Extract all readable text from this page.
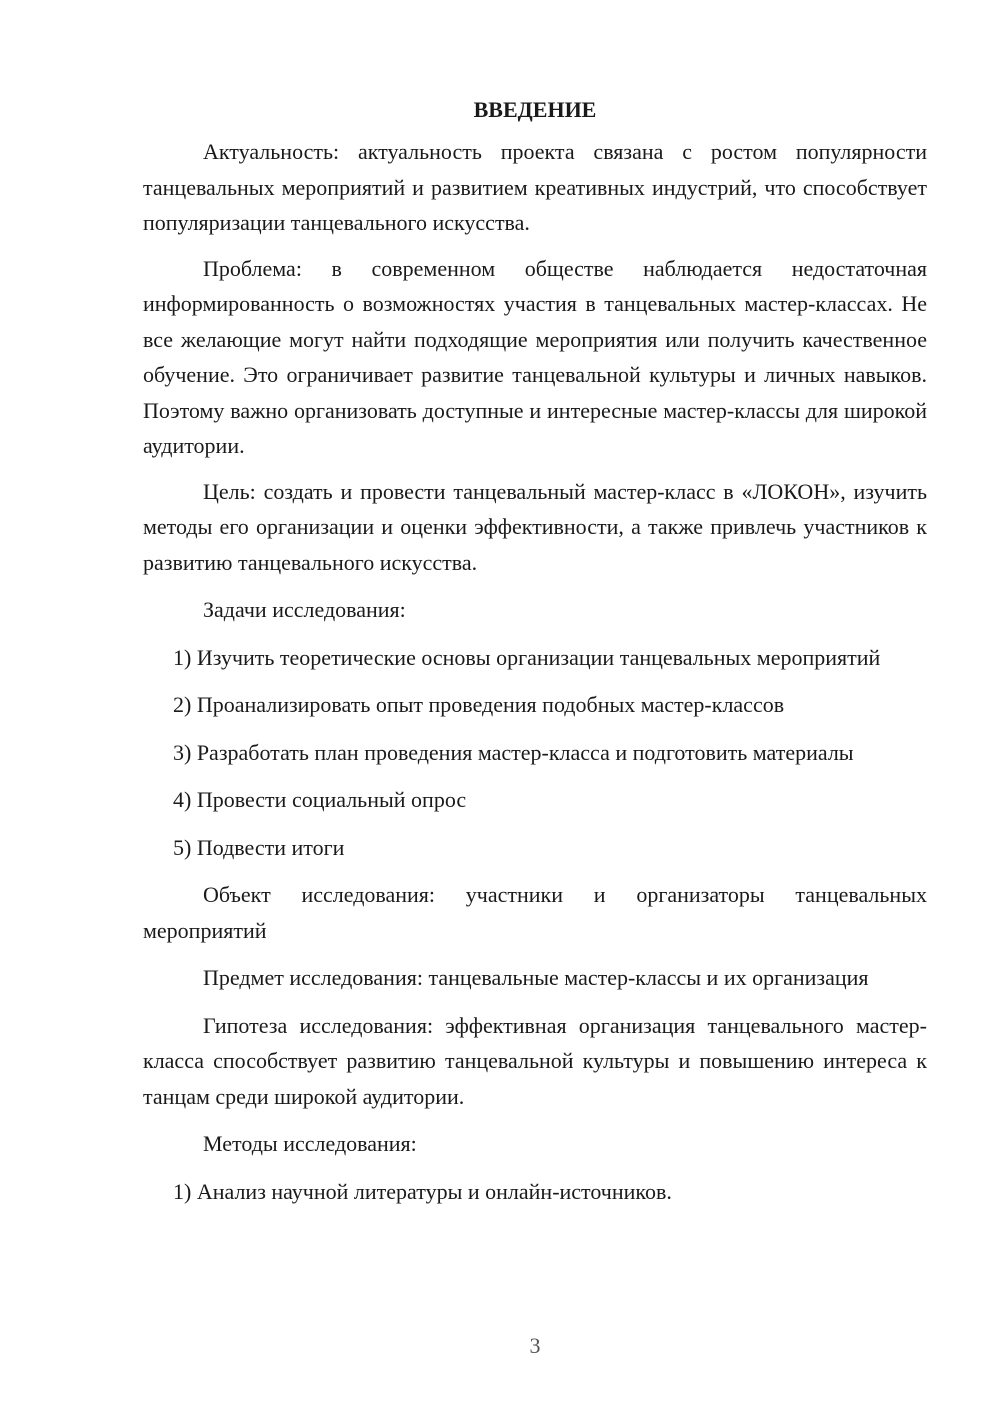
ВВЕДЕНИЕ

Актуальность: актуальность проекта связана с ростом популярности танцевальных мероприятий и развитием креативных индустрий, что способствует популяризации танцевального искусства.

Проблема: в современном обществе наблюдается недостаточная информированность о возможностях участия в танцевальных мастер-классах. Не все желающие могут найти подходящие мероприятия или получить качественное обучение. Это ограничивает развитие танцевальной культуры и личных навыков. Поэтому важно организовать доступные и интересные мастер-классы для широкой аудитории.

Цель: создать и провести танцевальный мастер-класс в «ЛОКОН», изучить методы его организации и оценки эффективности, а также привлечь участников к развитию танцевального искусства.

Задачи исследования:

1) Изучить теоретические основы организации танцевальных мероприятий

2) Проанализировать опыт проведения подобных мастер-классов

3) Разработать план проведения мастер-класса и подготовить материалы

4) Провести социальный опрос

5) Подвести итоги

Объект исследования: участники и организаторы танцевальных мероприятий

Предмет исследования: танцевальные мастер-классы и их организация

Гипотеза исследования: эффективная организация танцевального мастер-класса способствует развитию танцевальной культуры и повышению интереса к танцам среди широкой аудитории.

Методы исследования:

1) Анализ научной литературы и онлайн-источников.

3
